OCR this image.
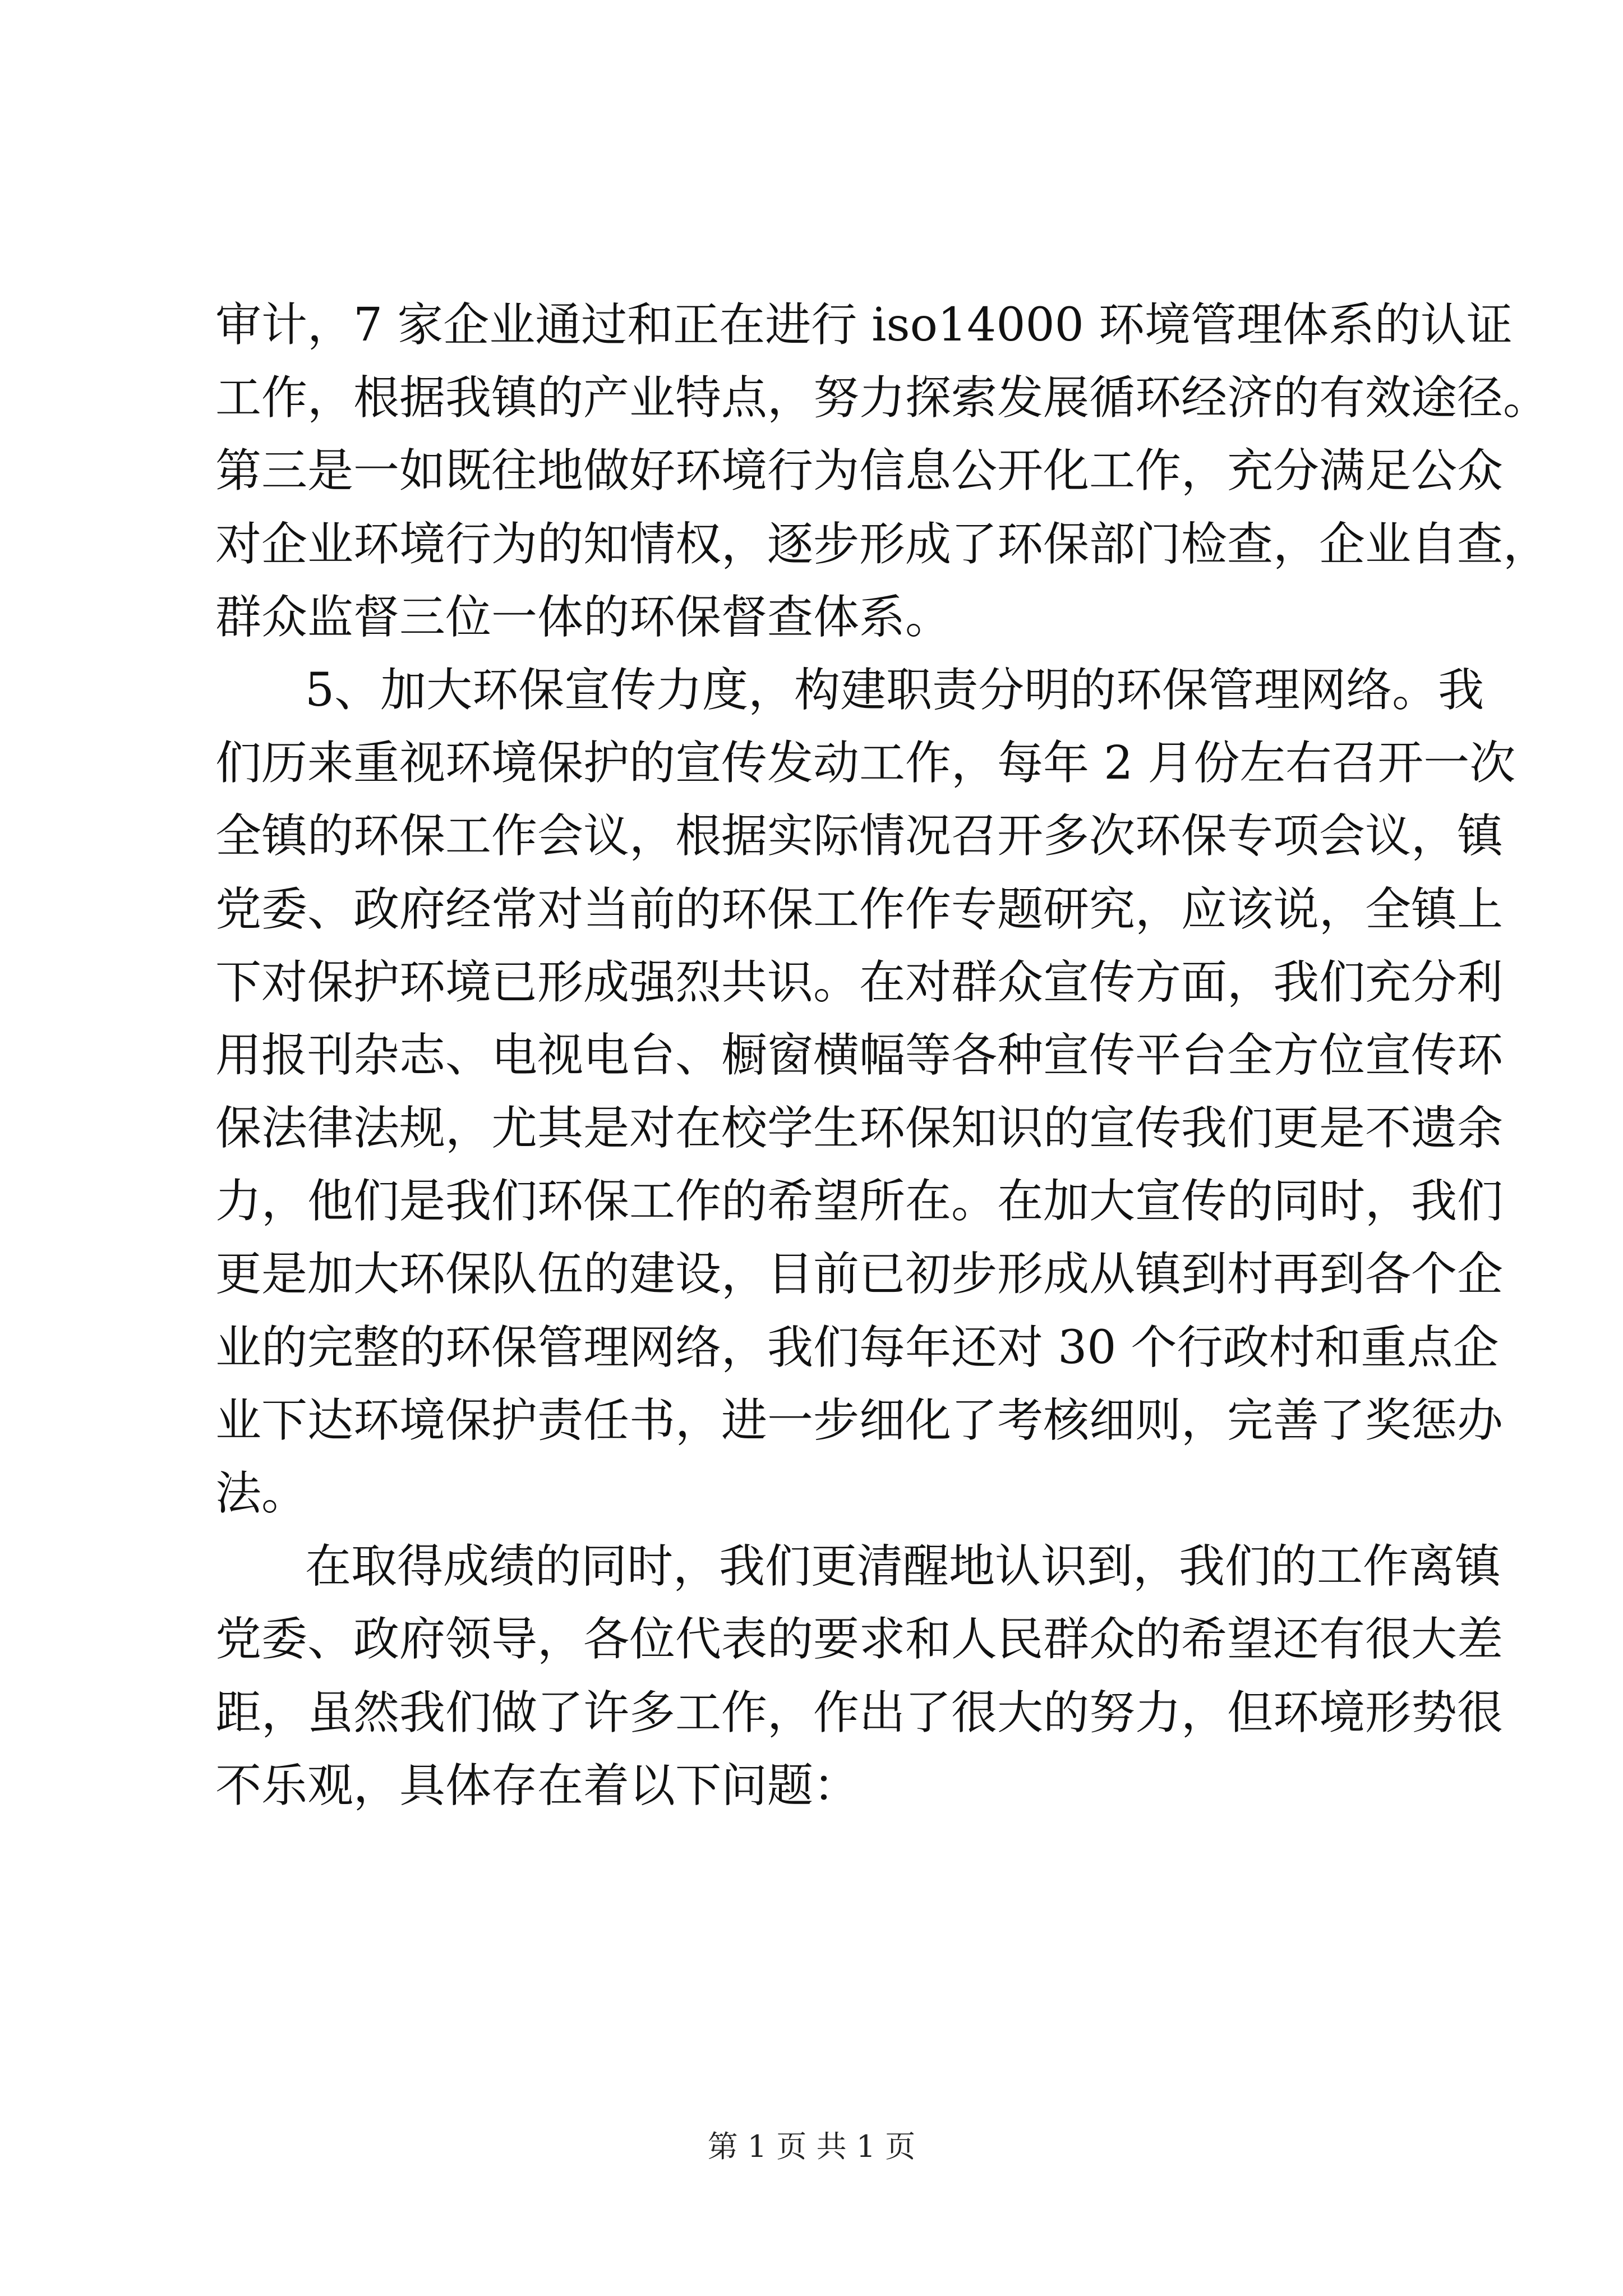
审计，7 家企业通过和正在进行 iso14000 环境管理体系的认证
工作，根据我镇的产业特点，努力探索发展循环经济的有效途径。
第三是一如既往地做好环境行为信息公开化工作，充分满足公众
对企业环境行为的知情权，逐步形成了环保部门检查，企业自查，
群众监督三位一体的环保督查体系。
5、加大环保宣传力度，构建职责分明的环保管理网络。我
们历来重视环境保护的宣传发动工作，每年 2 月份左右召开一次
全镇的环保工作会议，根据实际情况召开多次环保专项会议，镇
党委、政府经常对当前的环保工作作专题研究，应该说，全镇上
下对保护环境已形成强烈共识。在对群众宣传方面，我们充分利
用报刊杂志、电视电台、橱窗横幅等各种宣传平台全方位宣传环
保法律法规，尤其是对在校学生环保知识的宣传我们更是不遗余
力，他们是我们环保工作的希望所在。在加大宣传的同时，我们
更是加大环保队伍的建设，目前已初步形成从镇到村再到各个企
业的完整的环保管理网络，我们每年还对 30 个行政村和重点企
业下达环境保护责任书，进一步细化了考核细则，完善了奖惩办
法。
在取得成绩的同时，我们更清醒地认识到，我们的工作离镇
党委、政府领导，各位代表的要求和人民群众的希望还有很大差
距，虽然我们做了许多工作，作出了很大的努力，但环境形势很
不乐观，具体存在着以下问题：
第 1 页 共 1 页
